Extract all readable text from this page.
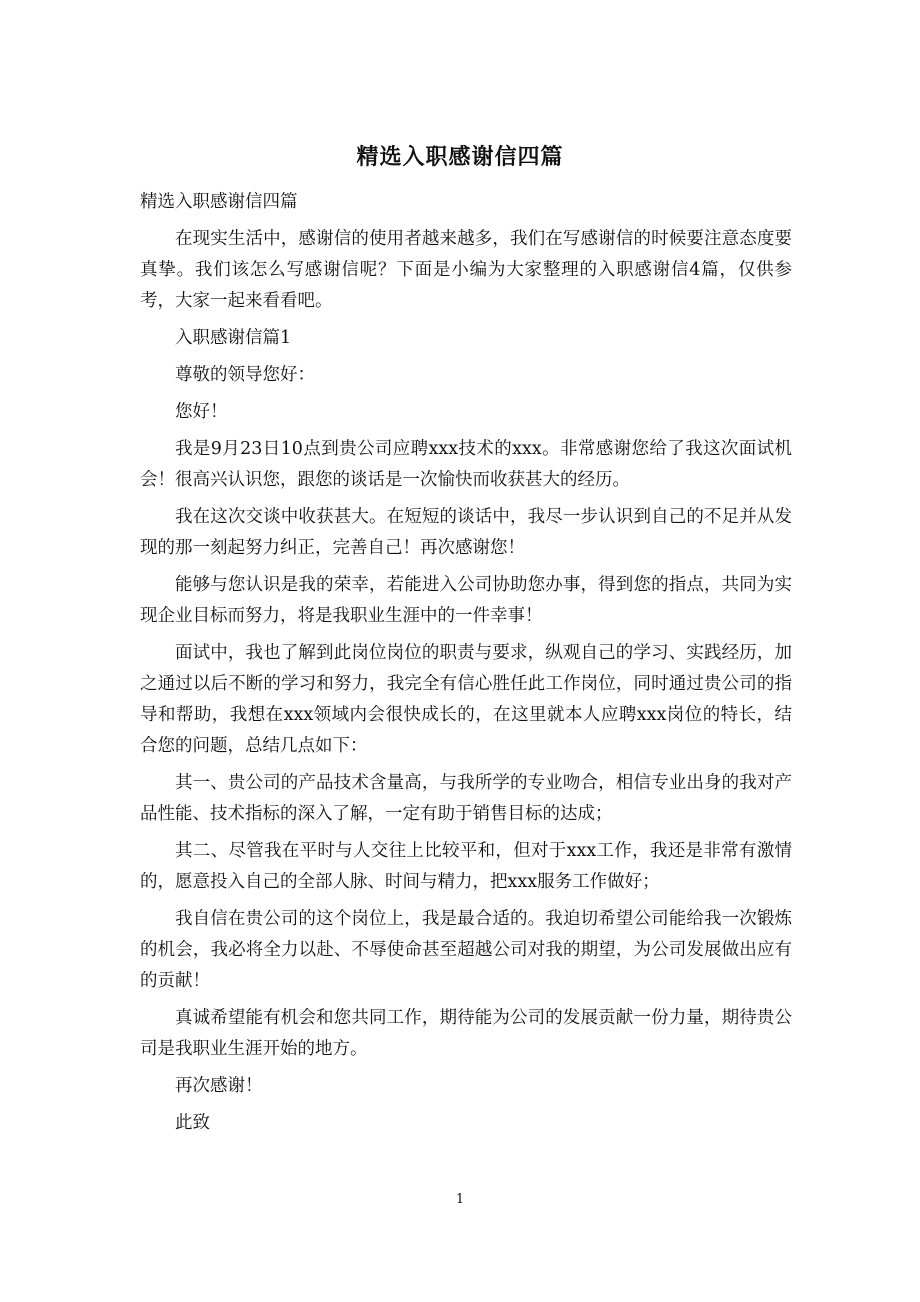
精选入职感谢信四篇

精选入职感谢信四篇

在现实生活中，感谢信的使用者越来越多，我们在写感谢信的时候要注意态度要真挚。我们该怎么写感谢信呢？下面是小编为大家整理的入职感谢信4篇，仅供参考，大家一起来看看吧。

入职感谢信篇1

尊敬的领导您好：

您好！

我是9月23日10点到贵公司应聘xxx技术的xxx。非常感谢您给了我这次面试机会！很高兴认识您，跟您的谈话是一次愉快而收获甚大的经历。

我在这次交谈中收获甚大。在短短的谈话中，我尽一步认识到自己的不足并从发现的那一刻起努力纠正，完善自己！再次感谢您！

能够与您认识是我的荣幸，若能进入公司协助您办事，得到您的指点，共同为实现企业目标而努力，将是我职业生涯中的一件幸事！

面试中，我也了解到此岗位岗位的职责与要求，纵观自己的学习、实践经历，加之通过以后不断的学习和努力，我完全有信心胜任此工作岗位，同时通过贵公司的指导和帮助，我想在xxx领域内会很快成长的，在这里就本人应聘xxx岗位的特长，结合您的问题，总结几点如下：

其一、贵公司的产品技术含量高，与我所学的专业吻合，相信专业出身的我对产品性能、技术指标的深入了解，一定有助于销售目标的达成；

其二、尽管我在平时与人交往上比较平和，但对于xxx工作，我还是非常有激情的，愿意投入自己的全部人脉、时间与精力，把xxx服务工作做好；

我自信在贵公司的这个岗位上，我是最合适的。我迫切希望公司能给我一次锻炼的机会，我必将全力以赴、不辱使命甚至超越公司对我的期望，为公司发展做出应有的贡献！

真诚希望能有机会和您共同工作，期待能为公司的发展贡献一份力量，期待贵公司是我职业生涯开始的地方。

再次感谢！

此致

1
